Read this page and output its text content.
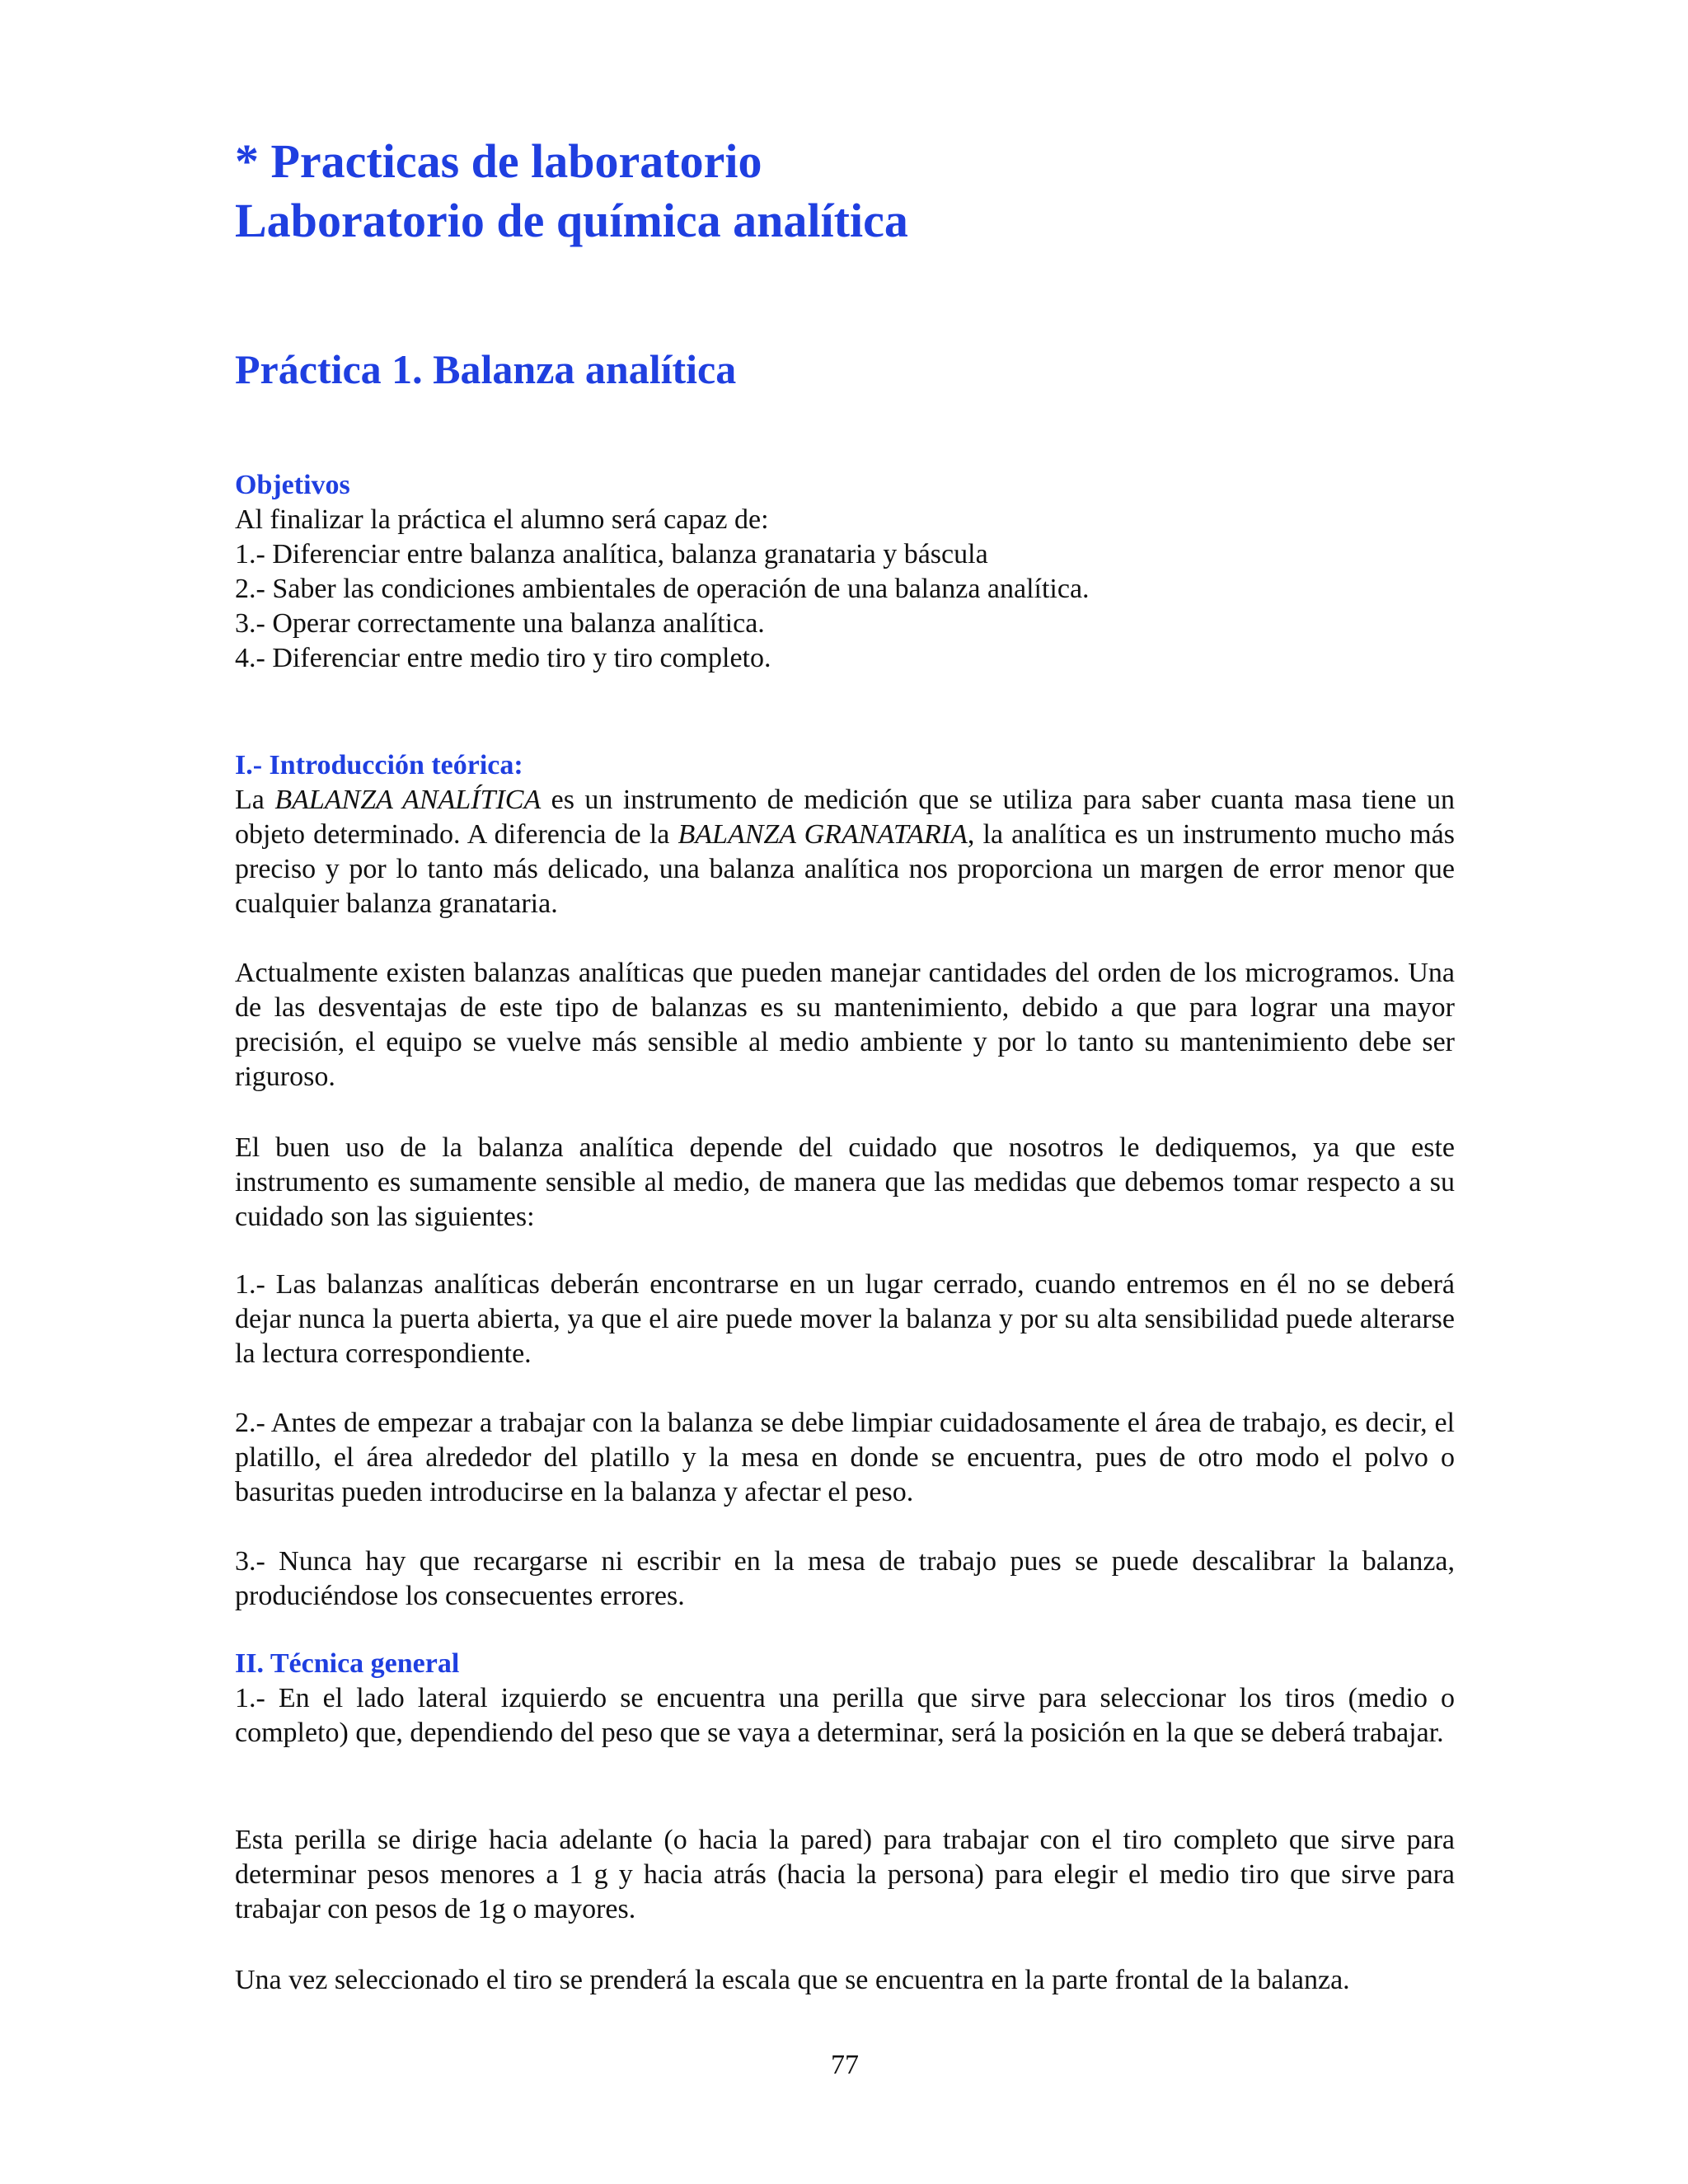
* Practicas de laboratorio
Laboratorio de química analítica
Práctica 1. Balanza analítica
Objetivos

Al finalizar la práctica el alumno será capaz de:

1.- Diferenciar entre balanza analítica, balanza granataria y báscula

2.- Saber las condiciones ambientales de operación de una balanza analítica.

3.- Operar correctamente una balanza analítica.

4.- Diferenciar entre medio tiro y tiro completo.

I.- Introducción teórica:

La BALANZA ANALÍTICA es un instrumento de medición que se utiliza para saber cuanta masa tiene un objeto determinado. A diferencia de la BALANZA GRANATARIA, la analítica es un instrumento mucho más preciso y por lo tanto más delicado, una balanza analítica nos proporciona un margen de error menor que cualquier balanza granataria.

Actualmente existen balanzas analíticas que pueden manejar cantidades del orden de los microgramos. Una de las desventajas de este tipo de balanzas es su mantenimiento, debido a que para lograr una mayor precisión, el equipo se vuelve más sensible al medio ambiente y por lo tanto su mantenimiento debe ser riguroso.

El buen uso de la balanza analítica depende del cuidado que nosotros le dediquemos, ya que este instrumento es sumamente sensible al medio, de manera que las medidas que debemos tomar respecto a su cuidado son las siguientes:

1.- Las balanzas analíticas deberán encontrarse en un lugar cerrado, cuando entremos en él no se deberá dejar nunca la puerta abierta, ya que el aire puede mover la balanza y por su alta sensibilidad puede alterarse la lectura correspondiente.

2.- Antes de empezar a trabajar con la balanza se debe limpiar cuidadosamente el área de trabajo, es decir, el platillo, el área alrededor del platillo y la mesa en donde se encuentra, pues de otro modo el polvo o basuritas pueden introducirse en la balanza y afectar el peso.

3.- Nunca hay que recargarse ni escribir en la mesa de trabajo pues se puede descalibrar la balanza, produciéndose los consecuentes errores.

II. Técnica general

1.- En el lado lateral izquierdo se encuentra una perilla que sirve para seleccionar los tiros (medio o completo) que, dependiendo del peso que se vaya a determinar, será la posición en la que se deberá trabajar.

Esta perilla se dirige hacia adelante (o hacia la pared) para trabajar con el tiro completo que sirve para determinar pesos menores a 1 g y hacia atrás (hacia la persona) para elegir el medio tiro que sirve para trabajar con pesos de 1g o mayores.

Una vez seleccionado el tiro se prenderá la escala que se encuentra en la parte frontal de la balanza.

77
